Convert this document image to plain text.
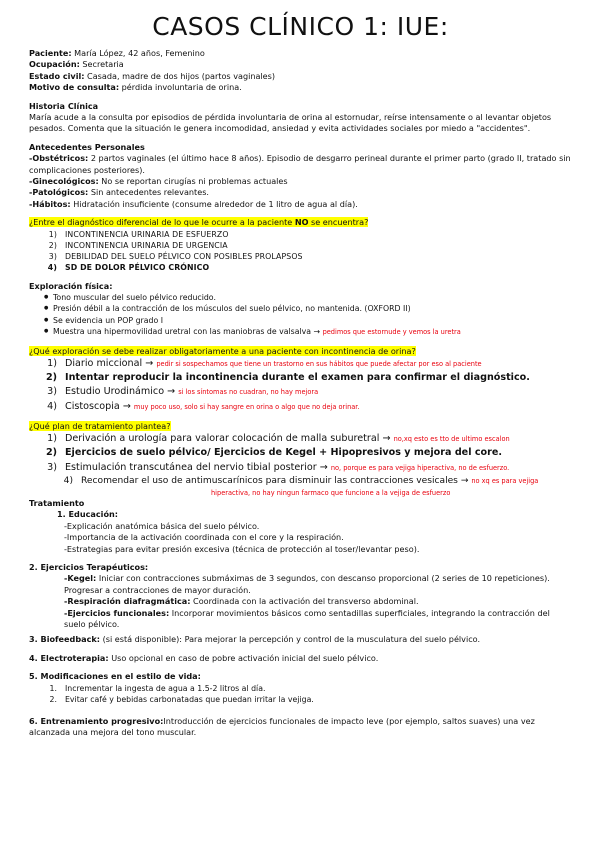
CASOS CLÍNICO 1: IUE:

Paciente: María López, 42 años, Femenino

Ocupación: Secretaria

Estado civil: Casada, madre de dos hijos (partos vaginales)

Motivo de consulta: pérdida involuntaria de orina.

Historia Clínica

María acude a la consulta por episodios de pérdida involuntaria de orina al estornudar, reírse intensamente o al levantar objetos pesados. Comenta que la situación le genera incomodidad, ansiedad y evita actividades sociales por miedo a "accidentes".

Antecedentes Personales

-Obstétricos: 2 partos vaginales (el último hace 8 años). Episodio de desgarro perineal durante el primer parto (grado II, tratado sin complicaciones posteriores).

-Ginecológicos: No se reportan cirugías ni problemas actuales

-Patológicos: Sin antecedentes relevantes.

-Hábitos: Hidratación insuficiente (consume alrededor de 1 litro de agua al día).

¿Entre el diagnóstico diferencial de lo que le ocurre a la paciente NO se encuentra?

1) INCONTINENCIA URINARIA DE ESFUERZO
2) INCONTINENCIA URINARIA DE URGENCIA
3) DEBILIDAD DEL SUELO PÉLVICO CON POSIBLES PROLAPSOS
4) SD DE DOLOR PÉLVICO CRÓNICO

Exploración física:

● Tono muscular del suelo pélvico reducido.
● Presión débil a la contracción de los músculos del suelo pélvico, no mantenida. (OXFORD II)
● Se evidencia un POP grado I
● Muestra una hipermovilidad uretral con las maniobras de valsalva → pedimos que estornude y vemos la uretra

¿Qué exploración se debe realizar obligatoriamente a una paciente con incontinencia de orina?

1) Diario miccional → pedir si sospechamos que tiene un trastorno en sus hábitos que puede afectar por eso al paciente
2) Intentar reproducir la incontinencia durante el examen para confirmar el diagnóstico.
3) Estudio Urodinámico → si los síntomas no cuadran, no hay mejora
4) Cistoscopia → muy poco uso, solo si hay sangre en orina o algo que no deja orinar.

¿Qué plan de tratamiento plantea?

1) Derivación a urología para valorar colocación de malla suburetral → no,xq esto es tto de ultimo escalon
2) Ejercicios de suelo pélvico/ Ejercicios de Kegel + Hipopresivos y mejora del core.
3) Estimulación transcutánea del nervio tibial posterior → no, porque es para vejiga hiperactiva, no de esfuerzo.
4) Recomendar el uso de antimuscarínicos para disminuir las contracciones vesicales → no xq es para vejiga

hiperactiva, no hay ningun farmaco que funcione a la vejiga de esfuerzo

Tratamiento

1. Educación:

-Explicación anatómica básica del suelo pélvico.

-Importancia de la activación coordinada con el core y la respiración.

-Estrategias para evitar presión excesiva (técnica de protección al toser/levantar peso).

2. Ejercicios Terapéuticos:

-Kegel: Iniciar con contracciones submáximas de 3 segundos, con descanso proporcional (2 series de 10 repeticiones). Progresar a contracciones de mayor duración.

-Respiración diafragmática: Coordinada con la activación del transverso abdominal.

-Ejercicios funcionales: Incorporar movimientos básicos como sentadillas superficiales, integrando la contracción del suelo pélvico.

3. Biofeedback: (si está disponible): Para mejorar la percepción y control de la musculatura del suelo pélvico.

4. Electroterapia: Uso opcional en caso de pobre activación inicial del suelo pélvico.

5. Modificaciones en el estilo de vida:

1. Incrementar la ingesta de agua a 1.5-2 litros al día.
2. Evitar café y bebidas carbonatadas que puedan irritar la vejiga.

6. Entrenamiento progresivo:Introducción de ejercicios funcionales de impacto leve (por ejemplo, saltos suaves) una vez alcanzada una mejora del tono muscular.
